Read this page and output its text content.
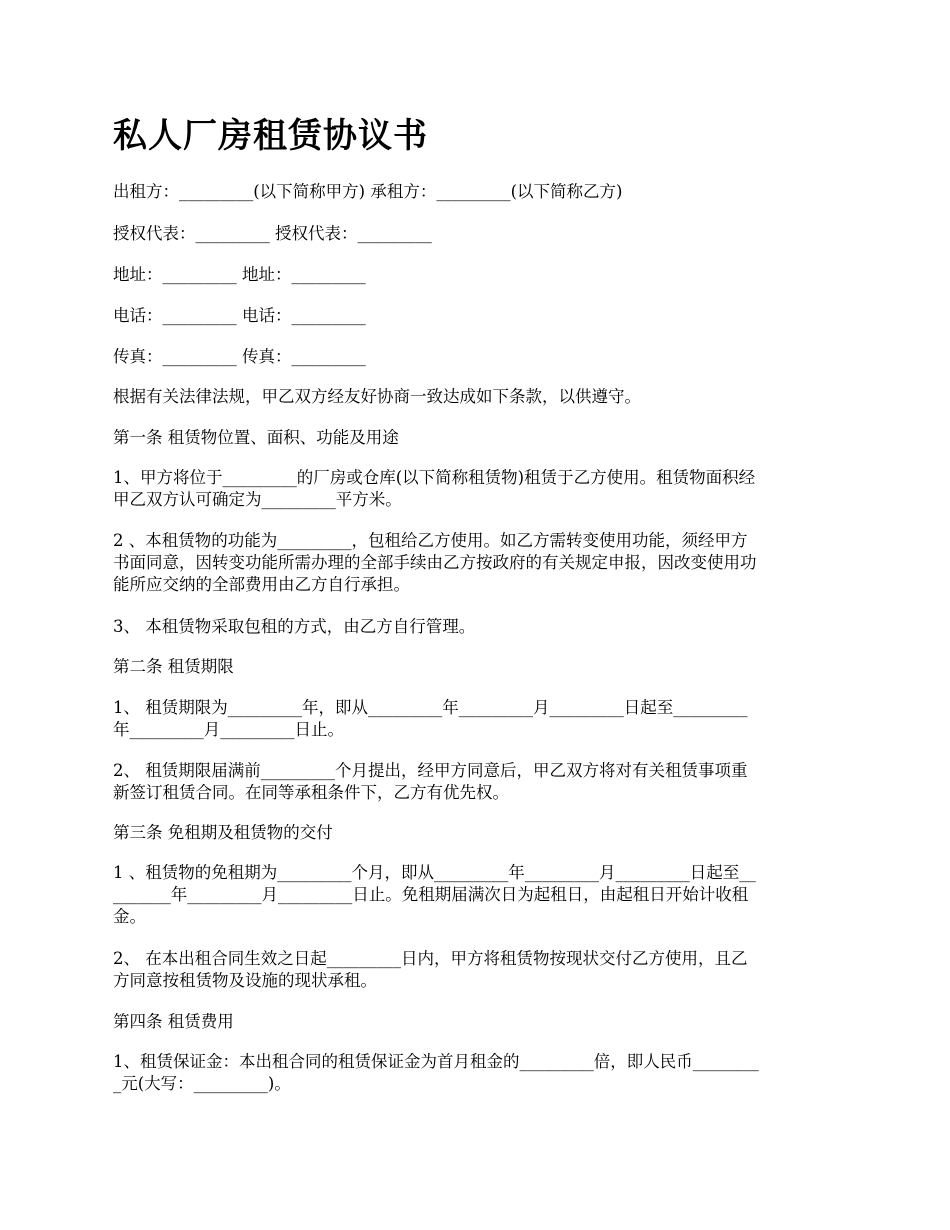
私人厂房租赁协议书

出租方：_________(以下简称甲方) 承租方：_________(以下简称乙方)

授权代表：_________ 授权代表：_________

地址：_________ 地址：_________

电话：_________ 电话：_________

传真：_________ 传真：_________

根据有关法律法规，甲乙双方经友好协商一致达成如下条款，以供遵守。

第一条 租赁物位置、面积、功能及用途

1、甲方将位于_________的厂房或仓库(以下简称租赁物)租赁于乙方使用。租赁物面积经
甲乙双方认可确定为_________平方米。

2 、本租赁物的功能为_________，包租给乙方使用。如乙方需转变使用功能，须经甲方
书面同意，因转变功能所需办理的全部手续由乙方按政府的有关规定申报，因改变使用功
能所应交纳的全部费用由乙方自行承担。

3、 本租赁物采取包租的方式，由乙方自行管理。

第二条 租赁期限

1、 租赁期限为_________年，即从_________年_________月_________日起至_________
年_________月_________日止。

2、 租赁期限届满前_________个月提出，经甲方同意后，甲乙双方将对有关租赁事项重
新签订租赁合同。在同等承租条件下，乙方有优先权。

第三条 免租期及租赁物的交付

1 、租赁物的免租期为_________个月，即从_________年_________月_________日起至__
_______年_________月_________日止。免租期届满次日为起租日，由起租日开始计收租
金。

2、 在本出租合同生效之日起_________日内，甲方将租赁物按现状交付乙方使用，且乙
方同意按租赁物及设施的现状承租。

第四条 租赁费用

1、租赁保证金：本出租合同的租赁保证金为首月租金的_________倍，即人民币________
_元(大写：_________)。
